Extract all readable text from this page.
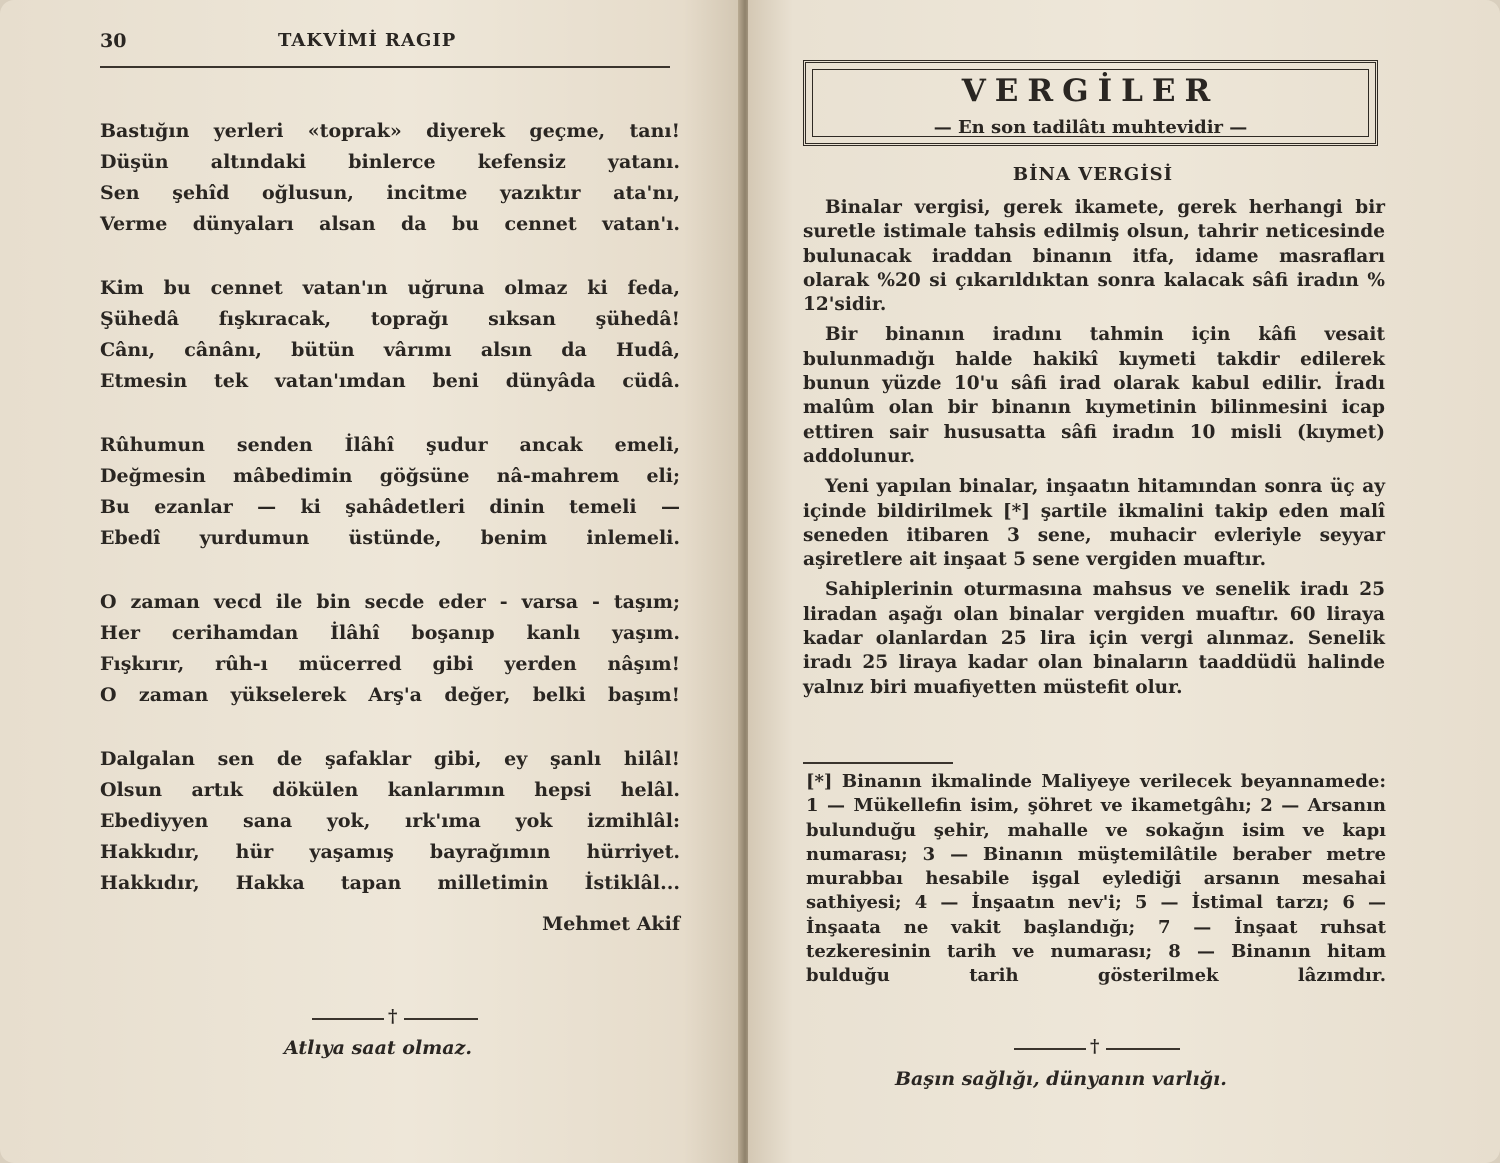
30	TAKVİMİ RAGIP
Bastığın yerleri «toprak» diyerek geçme, tanı!
Düşün altındaki binlerce kefensiz yatanı.
Sen şehîd oğlusun, incitme yazıktır ata'nı,
Verme dünyaları alsan da bu cennet vatan'ı.
Kim bu cennet vatan'ın uğruna olmaz ki feda,
Şühedâ fışkıracak, toprağı sıksan şühedâ!
Cânı, cânânı, bütün vârımı alsın da Hudâ,
Etmesin tek vatan'ımdan beni dünyâda cüdâ.
Rûhumun senden İlâhî şudur ancak emeli,
Değmesin mâbedimin göğsüne nâ-mahrem eli;
Bu ezanlar — ki şahâdetleri dinin temeli —
Ebedî yurdumun üstünde, benim inlemeli.
O zaman vecd ile bin secde eder - varsa - taşım;
Her cerihamdan İlâhî boşanıp kanlı yaşım.
Fışkırır, rûh-ı mücerred gibi yerden nâşım!
O zaman yükselerek Arş'a değer, belki başım!
Dalgalan sen de şafaklar gibi, ey şanlı hilâl!
Olsun artık dökülen kanlarımın hepsi helâl.
Ebediyyen sana yok, ırk'ıma yok izmihlâl:
Hakkıdır, hür yaşamış bayrağımın hürriyet.
Hakkıdır, Hakka tapan milletimin İstiklâl...
Mehmet Akif
†
Atlıya saat olmaz.
VERGİLER
— En son tadilâtı muhtevidir —
BİNA VERGİSİ

Binalar vergisi, gerek ikamete, gerek herhangi bir suretle istimale tahsis edilmiş olsun, tahrir neticesinde bulunacak iraddan binanın itfa, idame masrafları olarak %20 si çıkarıldıktan sonra kalacak sâfi iradın % 12'sidir.

Bir binanın iradını tahmin için kâfi vesait bulunmadığı halde hakikî kıymeti takdir edilerek bunun yüzde 10'u sâfi irad olarak kabul edilir. İradı malûm olan bir binanın kıymetinin bilinmesini icap ettiren sair hususatta sâfi iradın 10 misli (kıymet) addolunur.

Yeni yapılan binalar, inşaatın hitamından sonra üç ay içinde bildirilmek [*] şartile ikmalini takip eden malî seneden itibaren 3 sene, muhacir evleriyle seyyar aşiretlere ait inşaat 5 sene vergiden muaftır.

Sahiplerinin oturmasına mahsus ve senelik iradı 25 liradan aşağı olan binalar vergiden muaftır. 60 liraya kadar olanlardan 25 lira için vergi alınmaz. Senelik iradı 25 liraya kadar olan binaların taaddüdü halinde yalnız biri muafiyetten müstefit olur.

[*] Binanın ikmalinde Maliyeye verilecek beyannamede: 1 — Mükellefin isim, şöhret ve ikametgâhı; 2 — Arsanın bulunduğu şehir, mahalle ve sokağın isim ve kapı numarası; 3 — Binanın müştemilâtile beraber metre murabbaı hesabile işgal eylediği arsanın mesahai sathiyesi; 4 — İnşaatın nev'i; 5 — İstimal tarzı; 6 — İnşaata ne vakit başlandığı; 7 — İnşaat ruhsat tezkeresinin tarih ve numarası; 8 — Binanın hitam bulduğu tarih gösterilmek lâzımdır.
†
Başın sağlığı, dünyanın varlığı.
